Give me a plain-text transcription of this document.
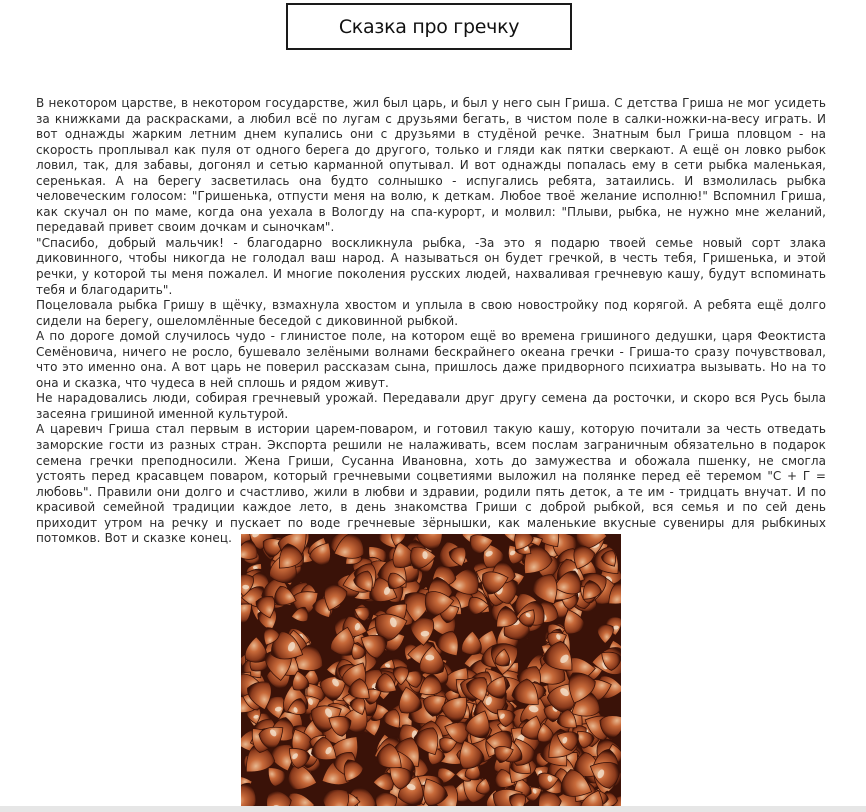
Сказка про гречку

В некотором царстве, в некотором государстве, жил был царь, и был у него сын Гриша. С детства Гриша не мог усидеть за книжками да раскрасками, а любил всё по лугам с друзьями бегать, в чистом поле в салки-ножки-на-весу играть. И вот однажды жарким летним днем купались они с друзьями в студёной речке. Знатным был Гриша пловцом - на скорость проплывал как пуля от одного берега до другого, только и гляди как пятки сверкают. А ещё он ловко рыбок ловил, так, для забавы, догонял и сетью карманной опутывал. И вот однажды попалась ему в сети рыбка маленькая, серенькая. А на берегу засветилась она будто солнышко - испугались ребята, затаились. И взмолилась рыбка человеческим голосом: "Гришенька, отпусти меня на волю, к деткам. Любое твоё желание исполню!" Вспомнил Гриша, как скучал он по маме, когда она уехала в Вологду на спа-курорт, и молвил: "Плыви, рыбка, не нужно мне желаний, передавай привет своим дочкам и сыночкам".

"Спасибо, добрый мальчик! - благодарно воскликнула рыбка, -За это я подарю твоей семье новый сорт злака диковинного, чтобы никогда не голодал ваш народ. А называться он будет гречкой, в честь тебя, Гришенька, и этой речки, у которой ты меня пожалел. И многие поколения русских людей, нахваливая гречневую кашу, будут вспоминать тебя и благодарить".

Поцеловала рыбка Гришу в щёчку, взмахнула хвостом и уплыла в свою новостройку под корягой. А ребята ещё долго сидели на берегу, ошеломлённые беседой с диковинной рыбкой.

А по дороге домой случилось чудо - глинистое поле, на котором ещё во времена гришиного дедушки, царя Феоктиста Семёновича, ничего не росло, бушевало зелёными волнами бескрайнего океана гречки - Гриша-то сразу почувствовал, что это именно она. А вот царь не поверил рассказам сына, пришлось даже придворного психиатра вызывать. Но на то она и сказка, что чудеса в ней сплошь и рядом живут.

Не нарадовались люди, собирая гречневый урожай. Передавали друг другу семена да росточки, и скоро вся Русь была засеяна гришиной именной культурой.

А царевич Гриша стал первым в истории царем-поваром, и готовил такую кашу, которую почитали за честь отведать заморские гости из разных стран. Экспорта решили не налаживать, всем послам заграничным обязательно в подарок семена гречки преподносили. Жена Гриши, Сусанна Ивановна, хоть до замужества и обожала пшенку, не смогла устоять перед красавцем поваром, который гречневыми соцветиями выложил на полянке перед её теремом "С + Г = любовь". Правили они долго и счастливо, жили в любви и здравии, родили пять деток, а те им - тридцать внучат. И по красивой семейной традиции каждое лето, в день знакомства Гриши с доброй рыбкой, вся семья и по сей день приходит утром на речку и пускает по воде гречневые зёрнышки, как маленькие вкусные сувениры для рыбкиных потомков. Вот и сказке конец.
